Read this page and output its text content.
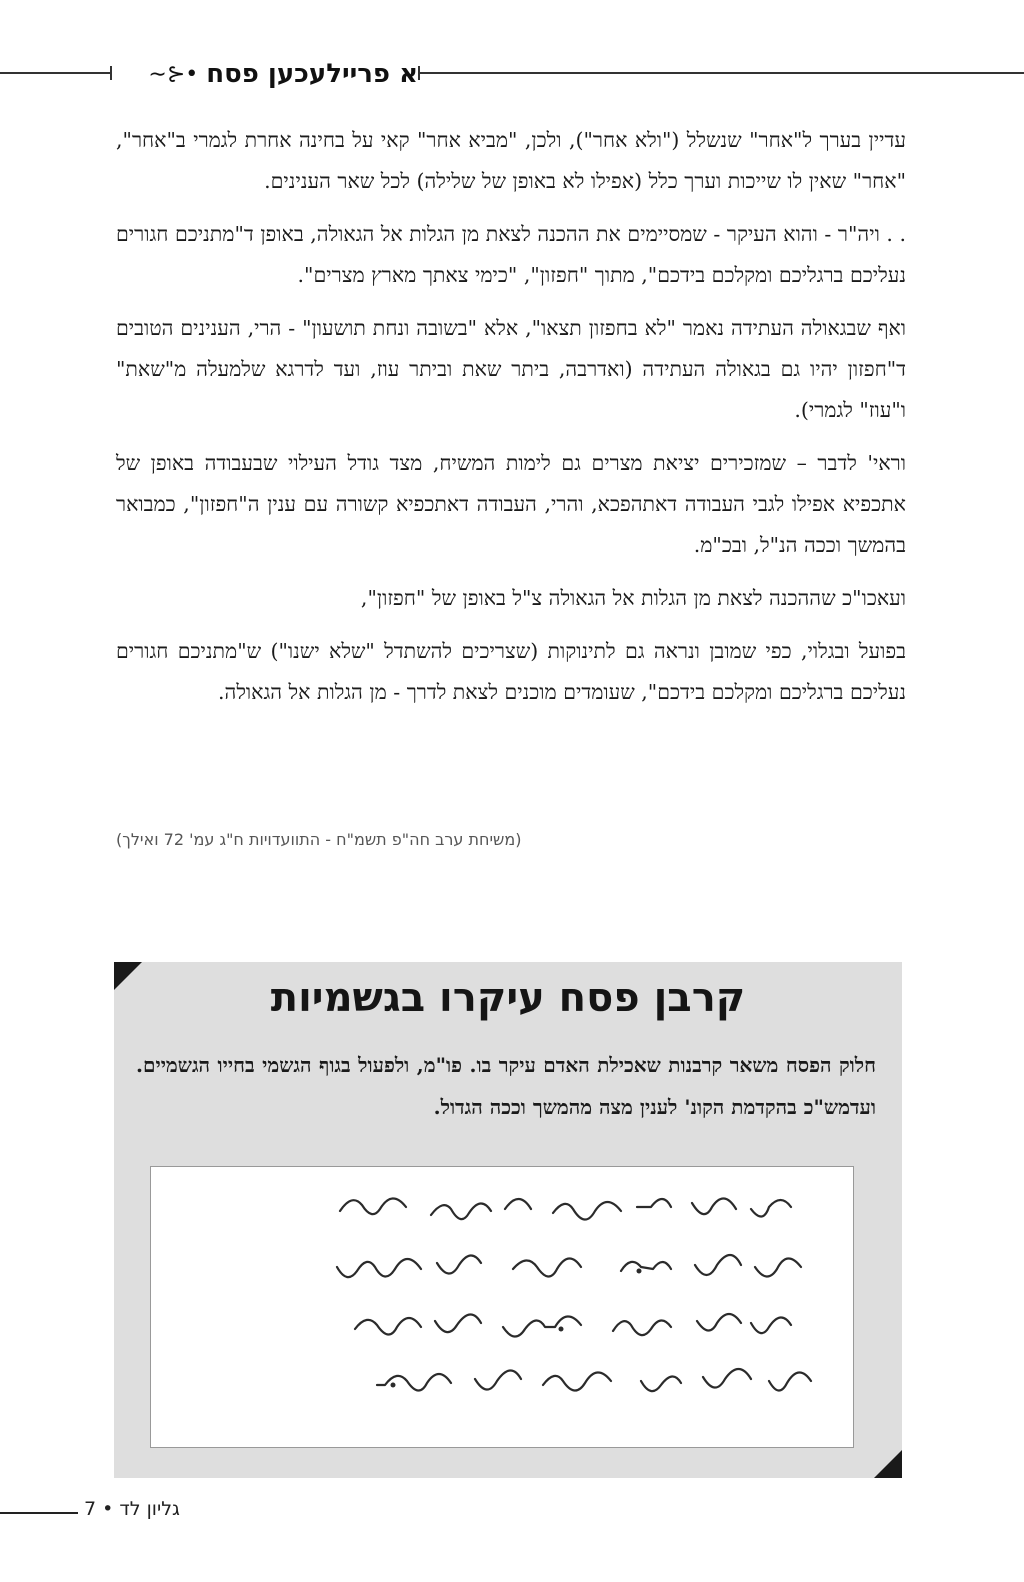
א פריילעכען פסח
•⊰∽

עדיין בערך ל"אחר" שנשלל ("ולא אחר"), ולכן, "מביא אחר" קאי על בחינה אחרת לגמרי ב"אחר", "אחר" שאין לו שייכות וערך כלל (אפילו לא באופן של שלילה) לכל שאר הענינים.

. . ויה"ר - והוא העיקר - שמסיימים את ההכנה לצאת מן הגלות אל הגאולה, באופן ד"מתניכם חגורים נעליכם ברגליכם ומקלכם בידכם", מתוך "חפזון", "כימי צאתך מארץ מצרים".

ואף שבגאולה העתידה נאמר "לא בחפזון תצאו", אלא "בשובה ונחת תושעון" - הרי, הענינים הטובים ד"חפזון יהיו גם בגאולה העתידה (ואדרבה, ביתר שאת וביתר עוז, ועד לדרגא שלמעלה מ"שאת" ו"עוז" לגמרי).

וראי' לדבר – שמזכירים יציאת מצרים גם לימות המשיח, מצד גודל העילוי שבעבודה באופן של אתכפיא אפילו לגבי העבודה דאתהפכא, והרי, העבודה דאתכפיא קשורה עם ענין ה"חפזון", כמבואר בהמשך וככה הנ"ל, ובכ"מ.

ועאכו"כ שההכנה לצאת מן הגלות אל הגאולה צ"ל באופן של "חפזון",

בפועל ובגלוי, כפי שמובן ונראה גם לתינוקות (שצריכים להשתדל "שלא ישנו") ש"מתניכם חגורים נעליכם ברגליכם ומקלכם בידכם", שעומדים מוכנים לצאת לדרך - מן הגלות אל הגאולה.

(משיחת ערב חה"פ תשמ"ח - התוועדויות ח"ג עמ' 72 ואילך)
קרבן פסח עיקרו בגשמיות
חלוק הפסח משאר קרבנות שאכילת האדם עיקר בו. פו"מ, ולפעול בגוף הגשמי בחייו הגשמיים. ועדמש"כ בהקדמת הקונ' לענין מצה מהמשך וככה הגדול.
גליון לד • 7
